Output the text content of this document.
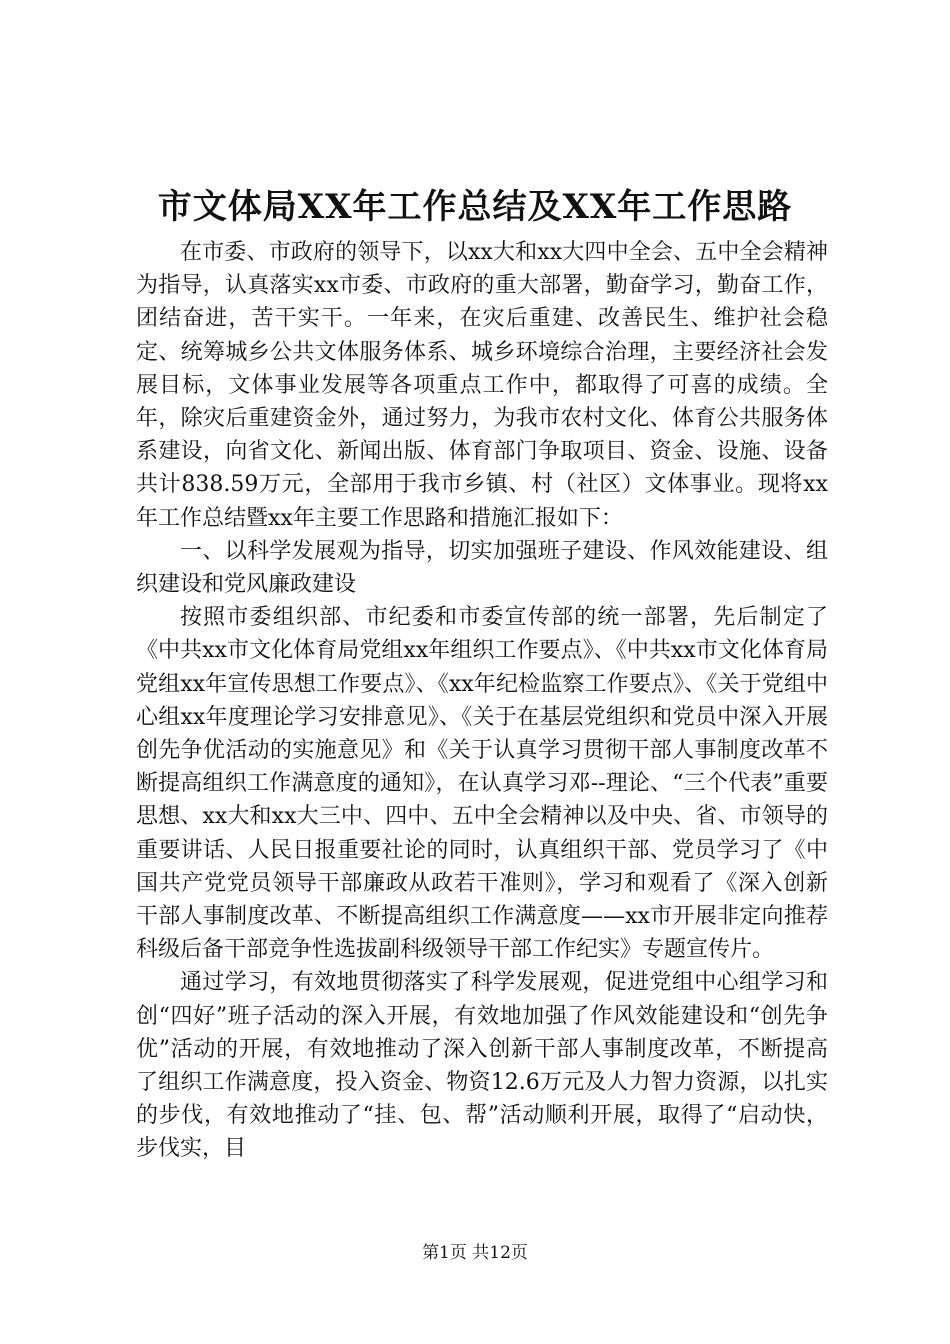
市文体局XX年工作总结及XX年工作思路

在市委、市政府的领导下，以xx大和xx大四中全会、五中全会精神为指导，认真落实xx市委、市政府的重大部署，勤奋学习，勤奋工作，团结奋进，苦干实干。一年来，在灾后重建、改善民生、维护社会稳定、统筹城乡公共文体服务体系、城乡环境综合治理，主要经济社会发展目标，文体事业发展等各项重点工作中，都取得了可喜的成绩。全年，除灾后重建资金外，通过努力，为我市农村文化、体育公共服务体系建设，向省文化、新闻出版、体育部门争取项目、资金、设施、设备共计838.59万元，全部用于我市乡镇、村（社区）文体事业。现将xx年工作总结暨xx年主要工作思路和措施汇报如下：

一、以科学发展观为指导，切实加强班子建设、作风效能建设、组织建设和党风廉政建设

按照市委组织部、市纪委和市委宣传部的统一部署，先后制定了《中共xx市文化体育局党组xx年组织工作要点》、《中共xx市文化体育局党组xx年宣传思想工作要点》、《xx年纪检监察工作要点》、《关于党组中心组xx年度理论学习安排意见》、《关于在基层党组织和党员中深入开展创先争优活动的实施意见》和《关于认真学习贯彻干部人事制度改革不断提高组织工作满意度的通知》，在认真学习邓--理论、“三个代表”重要思想、xx大和xx大三中、四中、五中全会精神以及中央、省、市领导的重要讲话、人民日报重要社论的同时，认真组织干部、党员学习了《中国共产党党员领导干部廉政从政若干准则》，学习和观看了《深入创新干部人事制度改革、不断提高组织工作满意度——xx市开展非定向推荐科级后备干部竞争性选拔副科级领导干部工作纪实》专题宣传片。

通过学习，有效地贯彻落实了科学发展观，促进党组中心组学习和创“四好”班子活动的深入开展，有效地加强了作风效能建设和“创先争优”活动的开展，有效地推动了深入创新干部人事制度改革，不断提高了组织工作满意度，投入资金、物资12.6万元及人力智力资源，以扎实的步伐，有效地推动了“挂、包、帮”活动顺利开展，取得了“启动快，步伐实，目

第1页 共12页
